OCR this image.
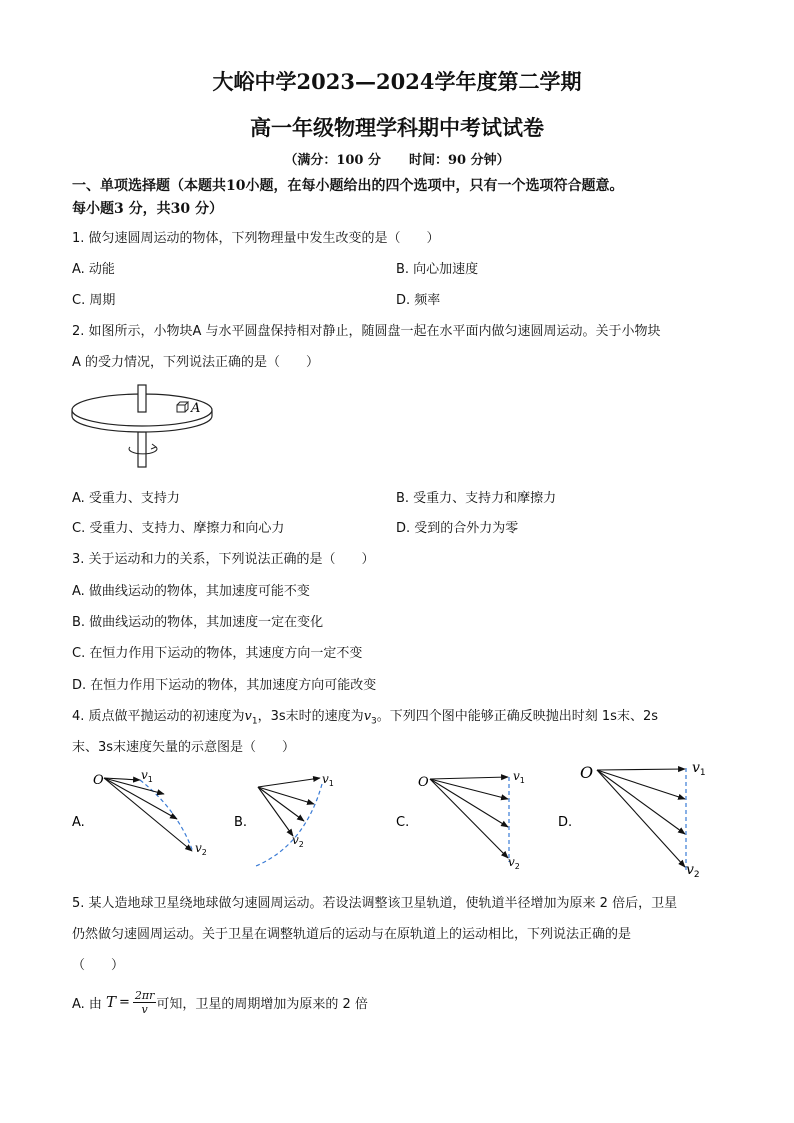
大峪中学2023—2024学年度第二学期
高一年级物理学科期中考试试卷
（满分：100 分 时间：90 分钟）
一、单项选择题（本题共10小题，在每小题给出的四个选项中，只有一个选项符合题意。
每小题3 分，共30 分）
1. 做匀速圆周运动的物体，下列物理量中发生改变的是（　　）
A. 动能	B. 向心加速度
C. 周期	D. 频率
2. 如图所示，小物块A 与水平圆盘保持相对静止，随圆盘一起在水平面内做匀速圆周运动。关于小物块
A 的受力情况，下列说法正确的是（　　）
A
A. 受重力、支持力	B. 受重力、支持力和摩擦力
C. 受重力、支持力、摩擦力和向心力	D. 受到的合外力为零
3. 关于运动和力的关系，下列说法正确的是（　　）
A. 做曲线运动的物体，其加速度可能不变
B. 做曲线运动的物体，其加速度一定在变化
C. 在恒力作用下运动的物体，其速度方向一定不变
D. 在恒力作用下运动的物体，其加速度方向可能改变
4. 质点做平抛运动的初速度为$v_1$，3s末时的速度为$v_3$。下列四个图中能够正确反映抛出时刻 1s末、2s
末、3s末速度矢量的示意图是（　　）
O	$v_1$
$v_2$
A.
$v_1$
$v_2$
B.
O	$v_1$
$v_2$
C.
O	$v_1$
$v_2$
D.
5. 某人造地球卫星绕地球做匀速圆周运动。若设法调整该卫星轨道，使轨道半径增加为原来 2 倍后，卫星
仍然做匀速圆周运动。关于卫星在调整轨道后的运动与在原轨道上的运动相比，下列说法正确的是
（　　）
A. 由 $T = \frac{2\pi r}{v}$ 可知，卫星的周期增加为原来的 2 倍
